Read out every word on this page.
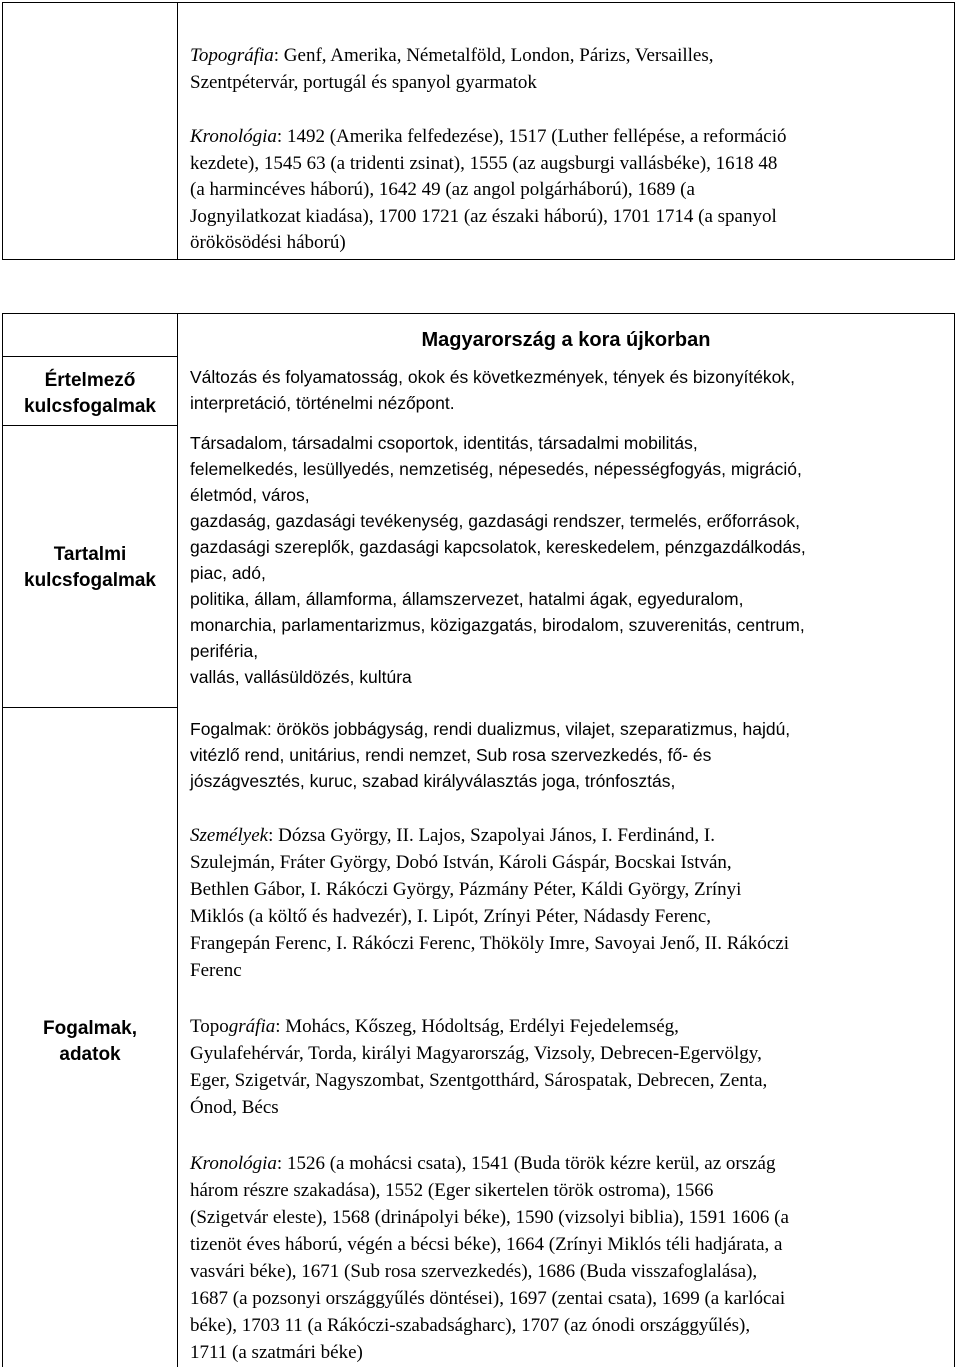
Topográfia: Genf, Amerika, Németalföld, London, Párizs, Versailles,
Szentpétervár, portugál és spanyol gyarmatok
Kronológia: 1492 (Amerika felfedezése), 1517 (Luther fellépése, a reformáció
kezdete), 1545 63 (a tridenti zsinat), 1555 (az augsburgi vallásbéke), 1618 48
(a harmincéves háború), 1642 49 (az angol polgárháború), 1689 (a
Jognyilatkozat kiadása), 1700 1721 (az északi háború), 1701 1714 (a spanyol
örökösödési háború)
Magyarország a kora újkorban
Értelmező
kulcsfogalmak
Tartalmi
kulcsfogalmak
Fogalmak,
adatok
Változás és folyamatosság, okok és következmények, tények és bizonyítékok,
interpretáció, történelmi nézőpont.
Társadalom, társadalmi csoportok, identitás, társadalmi mobilitás,
felemelkedés, lesüllyedés, nemzetiség, népesedés, népességfogyás, migráció,
életmód, város,
gazdaság, gazdasági tevékenység, gazdasági rendszer, termelés, erőforrások,
gazdasági szereplők, gazdasági kapcsolatok, kereskedelem, pénzgazdálkodás,
piac, adó,
politika, állam, államforma, államszervezet, hatalmi ágak, egyeduralom,
monarchia, parlamentarizmus, közigazgatás, birodalom, szuverenitás, centrum,
periféria,
vallás, vallásüldözés, kultúra
Fogalmak: örökös jobbágyság, rendi dualizmus, vilajet, szeparatizmus, hajdú,
vitézlő rend, unitárius, rendi nemzet, Sub rosa szervezkedés, fő- és
jószágvesztés, kuruc, szabad királyválasztás joga, trónfosztás,
Személyek: Dózsa György, II. Lajos, Szapolyai János, I. Ferdinánd, I.
Szulejmán, Fráter György, Dobó István, Károli Gáspár, Bocskai István,
Bethlen Gábor, I. Rákóczi György, Pázmány Péter, Káldi György, Zrínyi
Miklós (a költő és hadvezér), I. Lipót, Zrínyi Péter, Nádasdy Ferenc,
Frangepán Ferenc, I. Rákóczi Ferenc, Thököly Imre, Savoyai Jenő, II. Rákóczi
Ferenc
Topográfia: Mohács, Kőszeg, Hódoltság, Erdélyi Fejedelemség,
Gyulafehérvár, Torda, királyi Magyarország, Vizsoly, Debrecen-Egervölgy,
Eger, Szigetvár, Nagyszombat, Szentgotthárd, Sárospatak, Debrecen, Zenta,
Ónod, Bécs
Kronológia: 1526 (a mohácsi csata), 1541 (Buda török kézre kerül, az ország
három részre szakadása), 1552 (Eger sikertelen török ostroma), 1566
(Szigetvár eleste), 1568 (drinápolyi béke), 1590 (vizsolyi biblia), 1591 1606 (a
tizenöt éves háború, végén a bécsi béke), 1664 (Zrínyi Miklós téli hadjárata, a
vasvári béke), 1671 (Sub rosa szervezkedés), 1686 (Buda visszafoglalása),
1687 (a pozsonyi országgyűlés döntései), 1697 (zentai csata), 1699 (a karlócai
béke), 1703 11 (a Rákóczi-szabadságharc), 1707 (az ónodi országgyűlés),
1711 (a szatmári béke)
